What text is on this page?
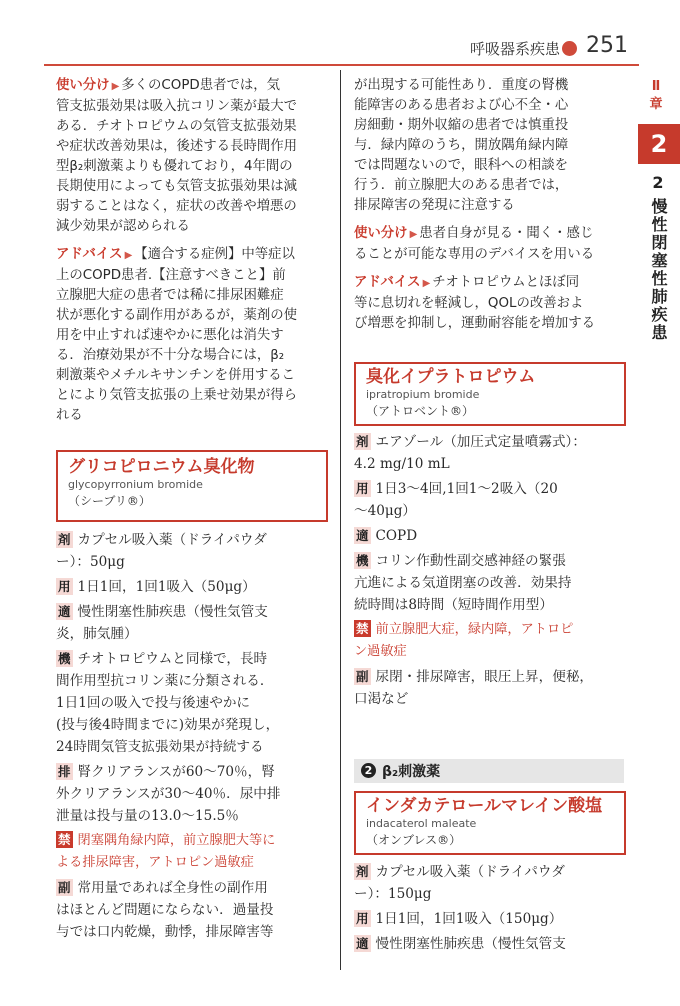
呼吸器系疾患 251
Ⅱ章
2
2
慢性閉塞性肺疾患
使い分け ▶ 多くのCOPD患者では，気
管支拡張効果は吸入抗コリン薬が最大で
ある．チオトロピウムの気管支拡張効果
や症状改善効果は，後述する長時間作用
型β₂刺激薬よりも優れており，4年間の
長期使用によっても気管支拡張効果は減
弱することはなく，症状の改善や増悪の
減少効果が認められる
アドバイス ▶ 【適合する症例】中等症以
上のCOPD患者.【注意すべきこと】前
立腺肥大症の患者では稀に排尿困難症
状が悪化する副作用があるが，薬剤の使
用を中止すれば速やかに悪化は消失す
る．治療効果が不十分な場合には，β₂
刺激薬やメチルキサンチンを併用するこ
とにより気管支拡張の上乗せ効果が得ら
れる
グリコピロニウム臭化物
glycopyrronium bromide
（シーブリ®）
剤 カプセル吸入薬（ドライパウダ
ー）：50μg
用 1日1回，1回1吸入（50μg）
適 慢性閉塞性肺疾患（慢性気管支
炎，肺気腫）
機 チオトロピウムと同様で，長時
間作用型抗コリン薬に分類される．
1日1回の吸入で投与後速やかに
(投与後4時間までに)効果が発現し，
24時間気管支拡張効果が持続する
排 腎クリアランスが60〜70％，腎
外クリアランスが30〜40％．尿中排
泄量は投与量の13.0〜15.5％
禁 閉塞隅角緑内障，前立腺肥大等に
よる排尿障害，アトロピン過敏症
副 常用量であれば全身性の副作用
はほとんど問題にならない．過量投
与では口内乾燥，動悸，排尿障害等
が出現する可能性あり．重度の腎機
能障害のある患者および心不全・心
房細動・期外収縮の患者では慎重投
与．緑内障のうち，開放隅角緑内障
では問題ないので，眼科への相談を
行う．前立腺肥大のある患者では，
排尿障害の発現に注意する
使い分け ▶ 患者自身が見る・聞く・感じ
ることが可能な専用のデバイスを用いる
アドバイス ▶ チオトロピウムとほぼ同
等に息切れを軽減し，QOLの改善およ
び増悪を抑制し，運動耐容能を増加する
臭化イプラトロピウム
ipratropium bromide
（アトロベント®）
剤 エアゾール（加圧式定量噴霧式）：
4.2 mg/10 mL
用 1日3〜4回,1回1〜2吸入（20
〜40μg）
適 COPD
機 コリン作動性副交感神経の緊張
亢進による気道閉塞の改善．効果持
続時間は8時間（短時間作用型）
禁 前立腺肥大症，緑内障，アトロピ
ン過敏症
副 尿閉・排尿障害，眼圧上昇，便秘，
口渇など
2 β₂刺激薬
インダカテロールマレイン酸塩
indacaterol maleate
（オンブレス®）
剤 カプセル吸入薬（ドライパウダ
ー）：150μg
用 1日1回，1回1吸入（150μg）
適 慢性閉塞性肺疾患（慢性気管支
